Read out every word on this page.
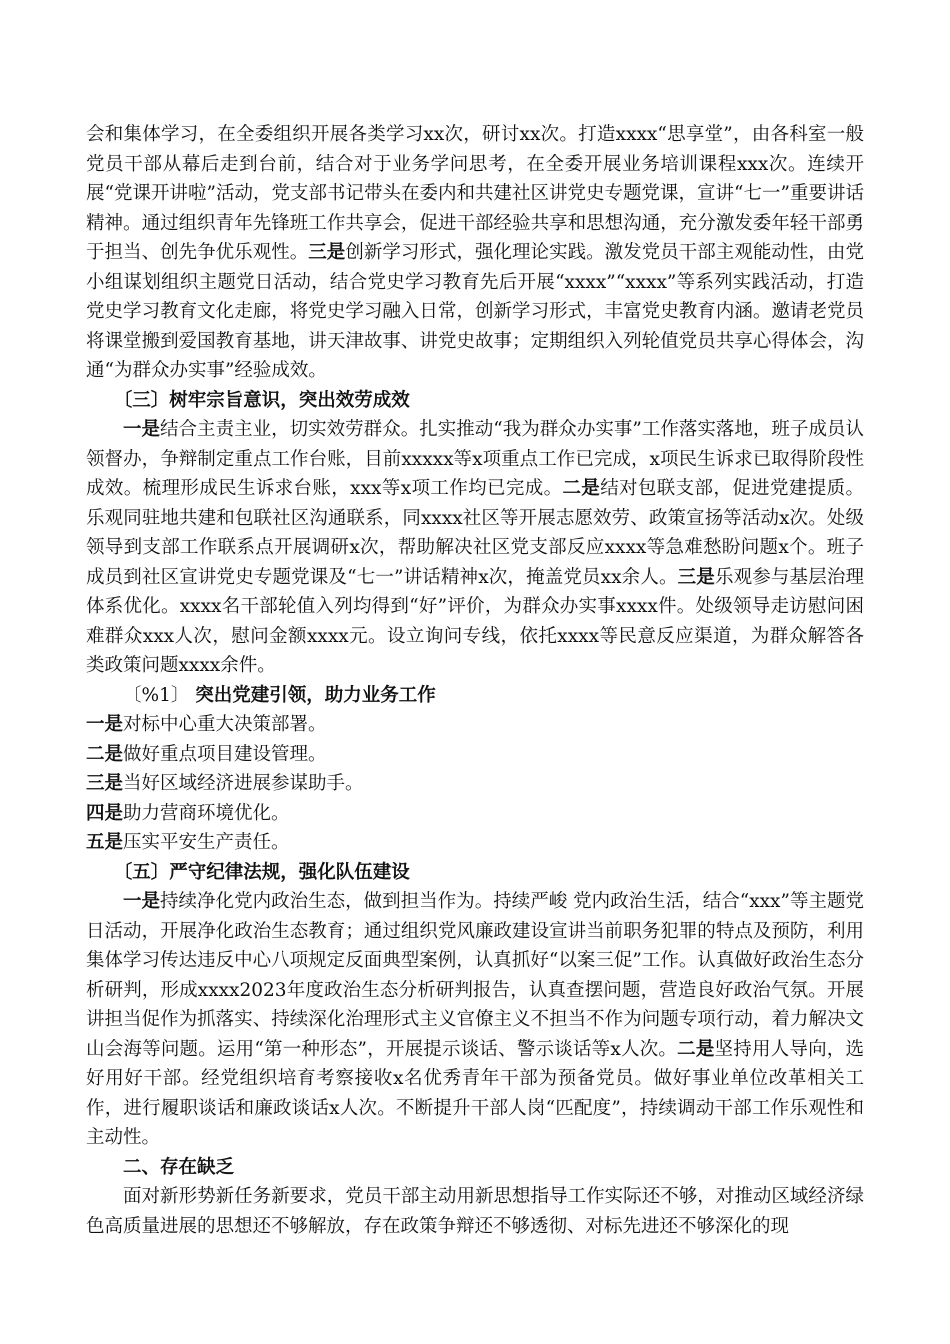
会和集体学习，在全委组织开展各类学习xx次，研讨xx次。打造xxxx“思享堂”，由各科室一般党员干部从幕后走到台前，结合对于业务学问思考，在全委开展业务培训课程xxx次。连续开展“党课开讲啦”活动，党支部书记带头在委内和共建社区讲党史专题党课，宣讲“七一”重要讲话精神。通过组织青年先锋班工作共享会，促进干部经验共享和思想沟通，充分激发委年轻干部勇于担当、创先争优乐观性。三是创新学习形式，强化理论实践。激发党员干部主观能动性，由党小组谋划组织主题党日活动，结合党史学习教育先后开展“xxxx”“xxxx”等系列实践活动，打造党史学习教育文化走廊，将党史学习融入日常，创新学习形式，丰富党史教育内涵。邀请老党员将课堂搬到爱国教育基地，讲天津故事、讲党史故事；定期组织入列轮值党员共享心得体会，沟通“为群众办实事”经验成效。

〔三〕树牢宗旨意识，突出效劳成效

一是结合主责主业，切实效劳群众。扎实推动“我为群众办实事”工作落实落地，班子成员认领督办，争辩制定重点工作台账，目前xxxxx等x项重点工作已完成，x项民生诉求已取得阶段性成效。梳理形成民生诉求台账，xxx等x项工作均已完成。二是结对包联支部，促进党建提质。乐观同驻地共建和包联社区沟通联系，同xxxx社区等开展志愿效劳、政策宣扬等活动x次。处级领导到支部工作联系点开展调研x次，帮助解决社区党支部反应xxxx等急难愁盼问题x个。班子成员到社区宣讲党史专题党课及“七一”讲话精神x次，掩盖党员xx余人。三是乐观参与基层治理体系优化。xxxx名干部轮值入列均得到“好”评价，为群众办实事xxxx件。处级领导走访慰问困难群众xxx人次，慰问金额xxxx元。设立询问专线，依托xxxx等民意反应渠道，为群众解答各类政策问题xxxx余件。

〔%1〕 突出党建引领，助力业务工作

一是对标中心重大决策部署。

二是做好重点项目建设管理。

三是当好区域经济进展参谋助手。

四是助力营商环境优化。

五是压实平安生产责任。

〔五〕严守纪律法规，强化队伍建设

一是持续净化党内政治生态，做到担当作为。持续严峻 党内政治生活，结合“xxx”等主题党日活动，开展净化政治生态教育；通过组织党风廉政建设宣讲当前职务犯罪的特点及预防，利用集体学习传达违反中心八项规定反面典型案例，认真抓好“以案三促”工作。认真做好政治生态分析研判，形成xxxx2023年度政治生态分析研判报告，认真查摆问题，营造良好政治气氛。开展讲担当促作为抓落实、持续深化治理形式主义官僚主义不担当不作为问题专项行动，着力解决文山会海等问题。运用“第一种形态”，开展提示谈话、警示谈话等x人次。二是坚持用人导向，选好用好干部。经党组织培育考察接收x名优秀青年干部为预备党员。做好事业单位改革相关工作，进行履职谈话和廉政谈话x人次。不断提升干部人岗“匹配度”，持续调动干部工作乐观性和主动性。

二、存在缺乏

面对新形势新任务新要求，党员干部主动用新思想指导工作实际还不够，对推动区域经济绿色高质量进展的思想还不够解放，存在政策争辩还不够透彻、对标先进还不够深化的现
